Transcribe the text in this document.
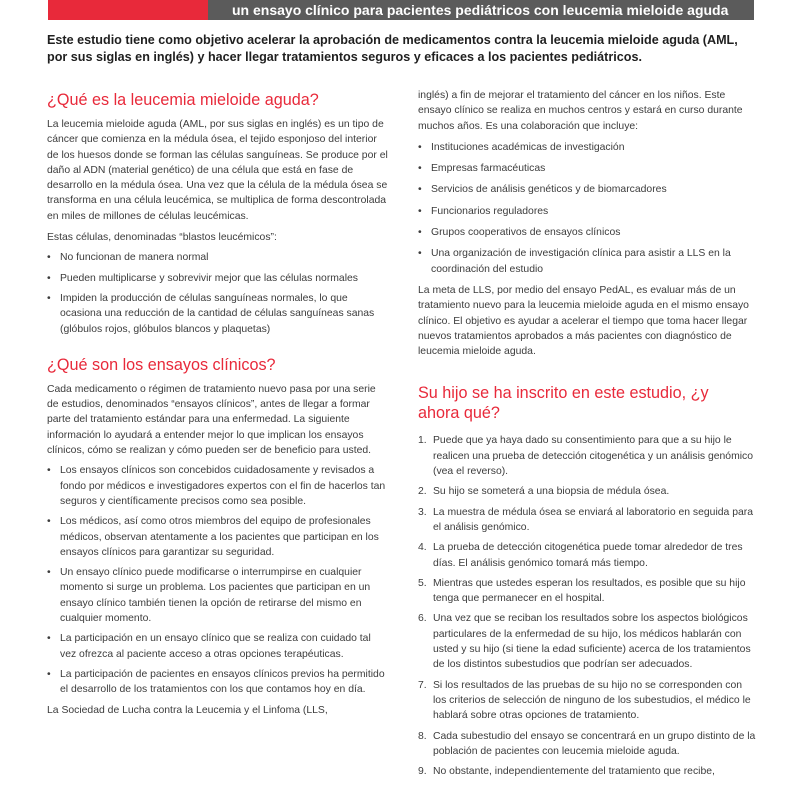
un ensayo clínico para pacientes pediátricos con leucemia mieloide aguda

Este estudio tiene como objetivo acelerar la aprobación de medicamentos contra la leucemia mieloide aguda (AML, por sus siglas en inglés) y hacer llegar tratamientos seguros y eficaces a los pacientes pediátricos.

¿Qué es la leucemia mieloide aguda?

La leucemia mieloide aguda (AML, por sus siglas en inglés) es un tipo de cáncer que comienza en la médula ósea, el tejido esponjoso del interior de los huesos donde se forman las células sanguíneas. Se produce por el daño al ADN (material genético) de una célula que está en fase de desarrollo en la médula ósea. Una vez que la célula de la médula ósea se transforma en una célula leucémica, se multiplica de forma descontrolada en miles de millones de células leucémicas.

Estas células, denominadas “blastos leucémicos”:

• No funcionan de manera normal
• Pueden multiplicarse y sobrevivir mejor que las células normales
• Impiden la producción de células sanguíneas normales, lo que ocasiona una reducción de la cantidad de células sanguíneas sanas (glóbulos rojos, glóbulos blancos y plaquetas)
¿Qué son los ensayos clínicos?

Cada medicamento o régimen de tratamiento nuevo pasa por una serie de estudios, denominados “ensayos clínicos”, antes de llegar a formar parte del tratamiento estándar para una enfermedad. La siguiente información lo ayudará a entender mejor lo que implican los ensayos clínicos, cómo se realizan y cómo pueden ser de beneficio para usted.

• Los ensayos clínicos son concebidos cuidadosamente y revisados a fondo por médicos e investigadores expertos con el fin de hacerlos tan seguros y científicamente precisos como sea posible.
• Los médicos, así como otros miembros del equipo de profesionales médicos, observan atentamente a los pacientes que participan en los ensayos clínicos para garantizar su seguridad.
• Un ensayo clínico puede modificarse o interrumpirse en cualquier momento si surge un problema. Los pacientes que participan en un ensayo clínico también tienen la opción de retirarse del mismo en cualquier momento.
• La participación en un ensayo clínico que se realiza con cuidado tal vez ofrezca al paciente acceso a otras opciones terapéuticas.
• La participación de pacientes en ensayos clínicos previos ha permitido el desarrollo de los tratamientos con los que contamos hoy en día.

La Sociedad de Lucha contra la Leucemia y el Linfoma (LLS,

inglés) a fin de mejorar el tratamiento del cáncer en los niños. Este ensayo clínico se realiza en muchos centros y estará en curso durante muchos años. Es una colaboración que incluye:

• Instituciones académicas de investigación
• Empresas farmacéuticas
• Servicios de análisis genéticos y de biomarcadores
• Funcionarios reguladores
• Grupos cooperativos de ensayos clínicos
• Una organización de investigación clínica para asistir a LLS en la coordinación del estudio

La meta de LLS, por medio del ensayo PedAL, es evaluar más de un tratamiento nuevo para la leucemia mieloide aguda en el mismo ensayo clínico. El objetivo es ayudar a acelerar el tiempo que toma hacer llegar nuevos tratamientos aprobados a más pacientes con diagnóstico de leucemia mieloide aguda.

Su hijo se ha inscrito en este estudio, ¿y ahora qué?
1. Puede que ya haya dado su consentimiento para que a su hijo le realicen una prueba de detección citogenética y un análisis genómico (vea el reverso).
2. Su hijo se someterá a una biopsia de médula ósea.
3. La muestra de médula ósea se enviará al laboratorio en seguida para el análisis genómico.
4. La prueba de detección citogenética puede tomar alrededor de tres días. El análisis genómico tomará más tiempo.
5. Mientras que ustedes esperan los resultados, es posible que su hijo tenga que permanecer en el hospital.
6. Una vez que se reciban los resultados sobre los aspectos biológicos particulares de la enfermedad de su hijo, los médicos hablarán con usted y su hijo (si tiene la edad suficiente) acerca de los tratamientos de los distintos subestudios que podrían ser adecuados.
7. Si los resultados de las pruebas de su hijo no se corresponden con los criterios de selección de ninguno de los subestudios, el médico le hablará sobre otras opciones de tratamiento.
8. Cada subestudio del ensayo se concentrará en un grupo distinto de la población de pacientes con leucemia mieloide aguda.
9. No obstante, independientemente del tratamiento que recibe,
